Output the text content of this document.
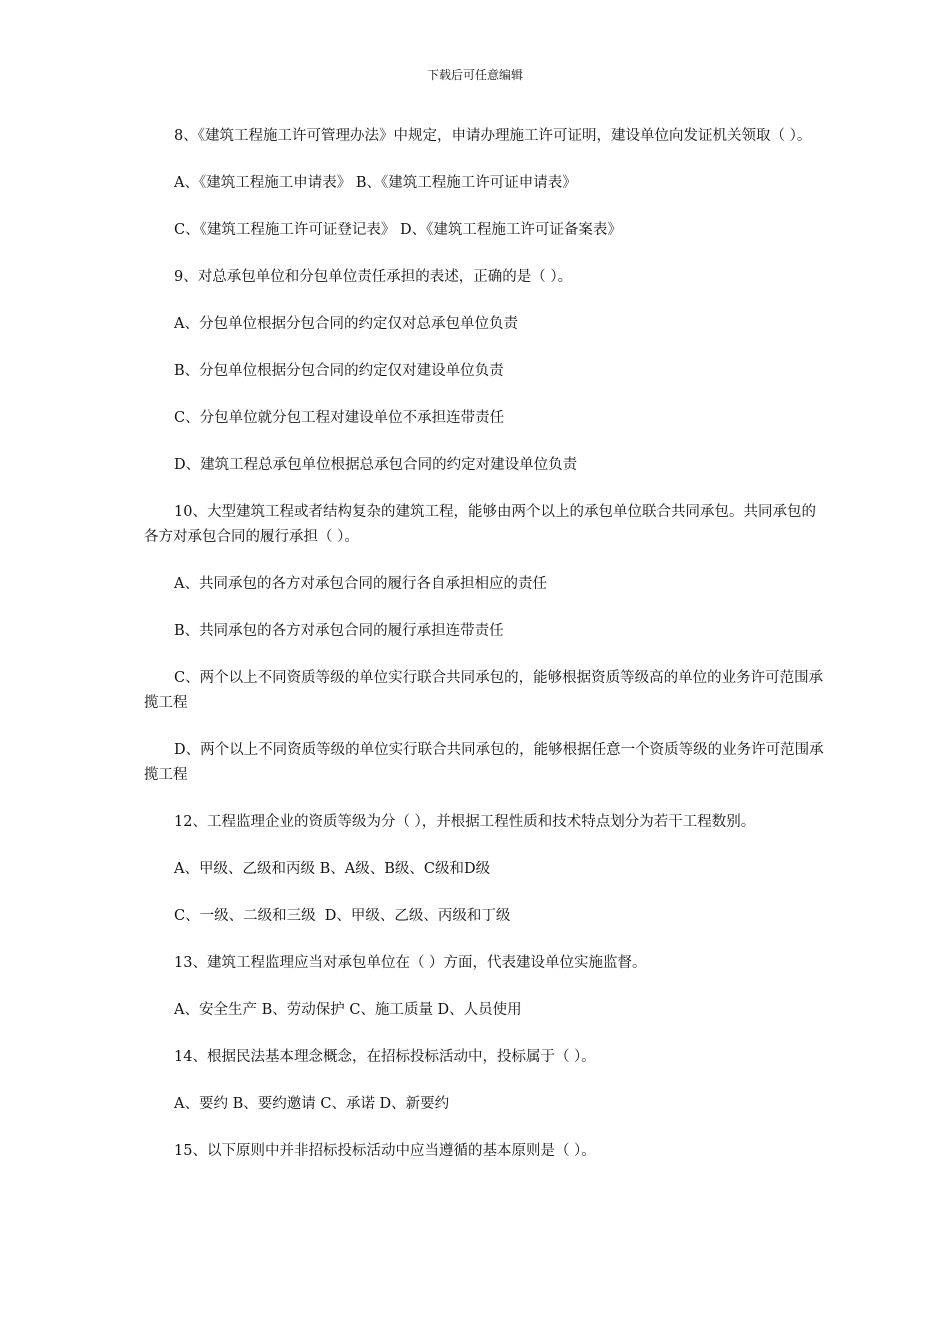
下载后可任意编辑

8、《建筑工程施工许可管理办法》中规定，申请办理施工许可证明，建设单位向发证机关领取（ ）。

A、《建筑工程施工申请表》 B、《建筑工程施工许可证申请表》

C、《建筑工程施工许可证登记表》 D、《建筑工程施工许可证备案表》

9、对总承包单位和分包单位责任承担的表述，正确的是（ ）。

A、分包单位根据分包合同的约定仅对总承包单位负责

B、分包单位根据分包合同的约定仅对建设单位负责

C、分包单位就分包工程对建设单位不承担连带责任

D、建筑工程总承包单位根据总承包合同的约定对建设单位负责

10、大型建筑工程或者结构复杂的建筑工程，能够由两个以上的承包单位联合共同承包。共同承包的各方对承包合同的履行承担（ ）。

A、共同承包的各方对承包合同的履行各自承担相应的责任

B、共同承包的各方对承包合同的履行承担连带责任

C、两个以上不同资质等级的单位实行联合共同承包的，能够根据资质等级高的单位的业务许可范围承揽工程

D、两个以上不同资质等级的单位实行联合共同承包的，能够根据任意一个资质等级的业务许可范围承揽工程

12、工程监理企业的资质等级为分（ ），并根据工程性质和技术特点划分为若干工程数别。

A、甲级、乙级和丙级 B、A级、B级、C级和D级

C、一级、二级和三级  D、甲级、乙级、丙级和丁级

13、建筑工程监理应当对承包单位在（ ）方面，代表建设单位实施监督。

A、安全生产 B、劳动保护 C、施工质量 D、人员使用

14、根据民法基本理念概念，在招标投标活动中，投标属于（ ）。

A、要约 B、要约邀请 C、承诺 D、新要约

15、以下原则中并非招标投标活动中应当遵循的基本原则是（ ）。
